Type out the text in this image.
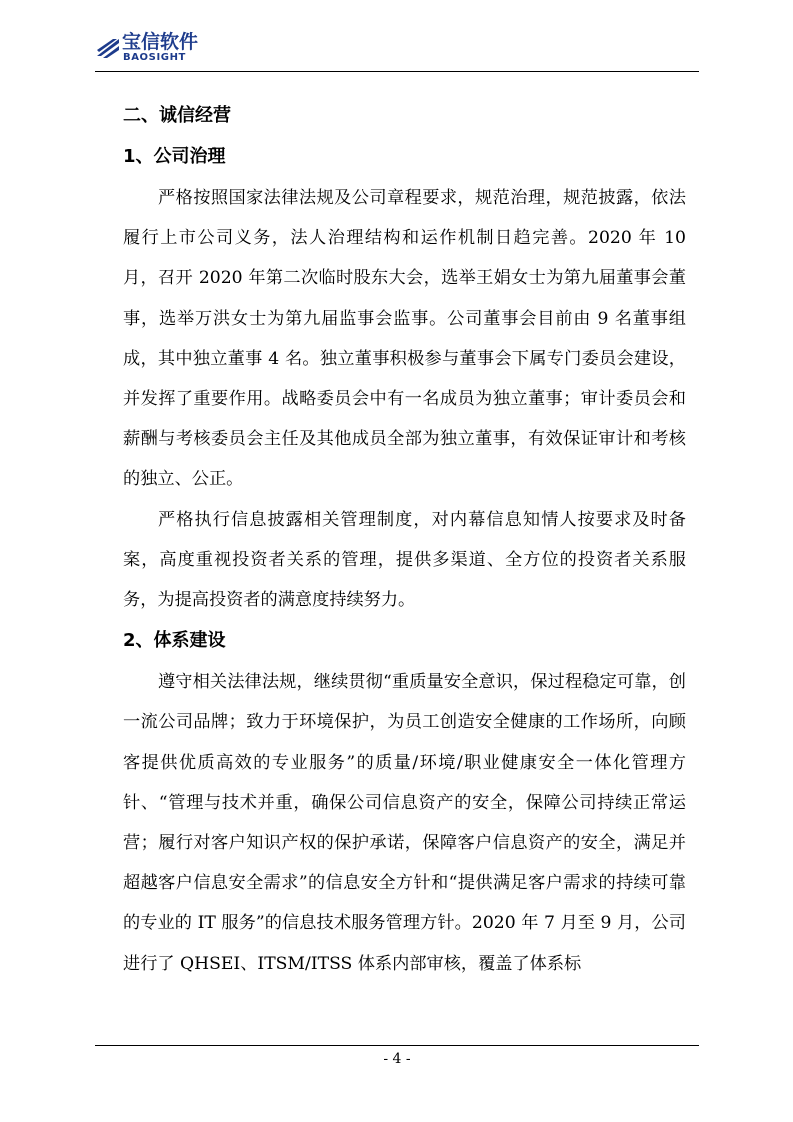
宝信软件
BAOSIGHT

二、诚信经营

1、公司治理

严格按照国家法律法规及公司章程要求，规范治理，规范披露，依法履行上市公司义务，法人治理结构和运作机制日趋完善。2020 年 10 月，召开 2020 年第二次临时股东大会，选举王娟女士为第九届董事会董事，选举万洪女士为第九届监事会监事。公司董事会目前由 9 名董事组成，其中独立董事 4 名。独立董事积极参与董事会下属专门委员会建设，并发挥了重要作用。战略委员会中有一名成员为独立董事；审计委员会和薪酬与考核委员会主任及其他成员全部为独立董事，有效保证审计和考核的独立、公正。

严格执行信息披露相关管理制度，对内幕信息知情人按要求及时备案，高度重视投资者关系的管理，提供多渠道、全方位的投资者关系服务，为提高投资者的满意度持续努力。

2、体系建设

遵守相关法律法规，继续贯彻“重质量安全意识，保过程稳定可靠，创一流公司品牌；致力于环境保护，为员工创造安全健康的工作场所，向顾客提供优质高效的专业服务”的质量/环境/职业健康安全一体化管理方针、“管理与技术并重，确保公司信息资产的安全，保障公司持续正常运营；履行对客户知识产权的保护承诺，保障客户信息资产的安全，满足并超越客户信息安全需求”的信息安全方针和“提供满足客户需求的持续可靠的专业的 IT 服务”的信息技术服务管理方针。2020 年 7 月至 9 月，公司进行了 QHSEI、ITSM/ITSS 体系内部审核，覆盖了体系标

- 4 -
